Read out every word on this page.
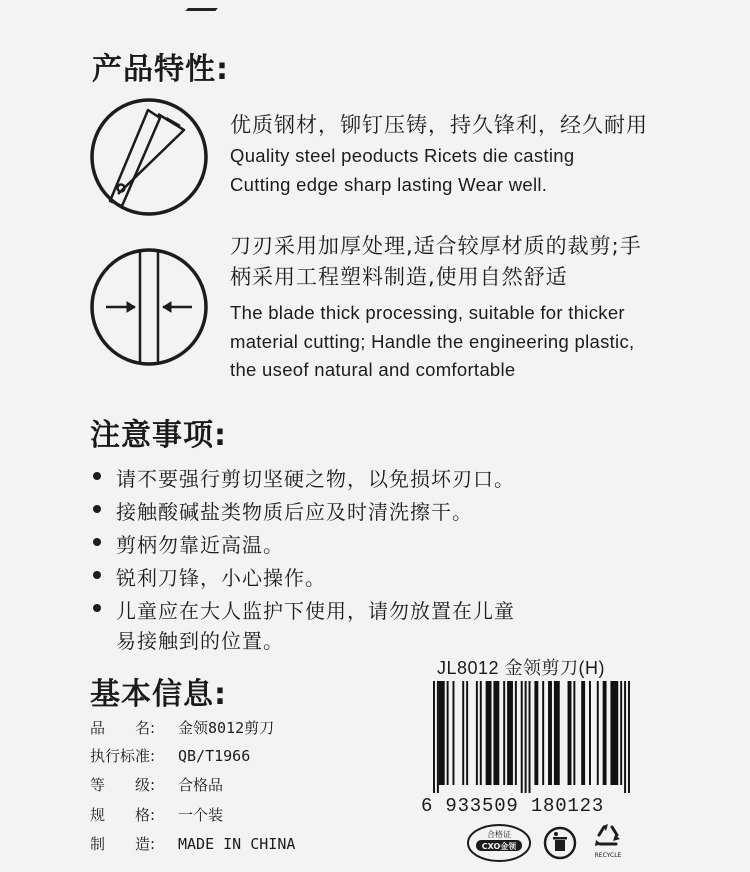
产品特性:
优质钢材，铆钉压铸，持久锋利，经久耐用
Quality steel peoducts Ricets die casting
Cutting edge sharp lasting Wear well.
刀刃采用加厚处理,适合较厚材质的裁剪;手
柄采用工程塑料制造,使用自然舒适
The blade thick processing, suitable for thicker
material cutting; Handle the engineering plastic,
the useof natural and comfortable
注意事项:
请不要强行剪切坚硬之物，以免损坏刃口。
接触酸碱盐类物质后应及时清洗擦干。
剪柄勿靠近高温。
锐利刀锋，小心操作。
儿童应在大人监护下使用，请勿放置在儿童
易接触到的位置。
基本信息:
品　　名: 金领8012剪刀
执行标准: QB/T1966
等　　级: 合格品
规　　格: 一个装
制　　造: MADE IN CHINA
JL8012 金领剪刀(H)
6 933509 180123
合格证
CXO金领
RECYCLE
